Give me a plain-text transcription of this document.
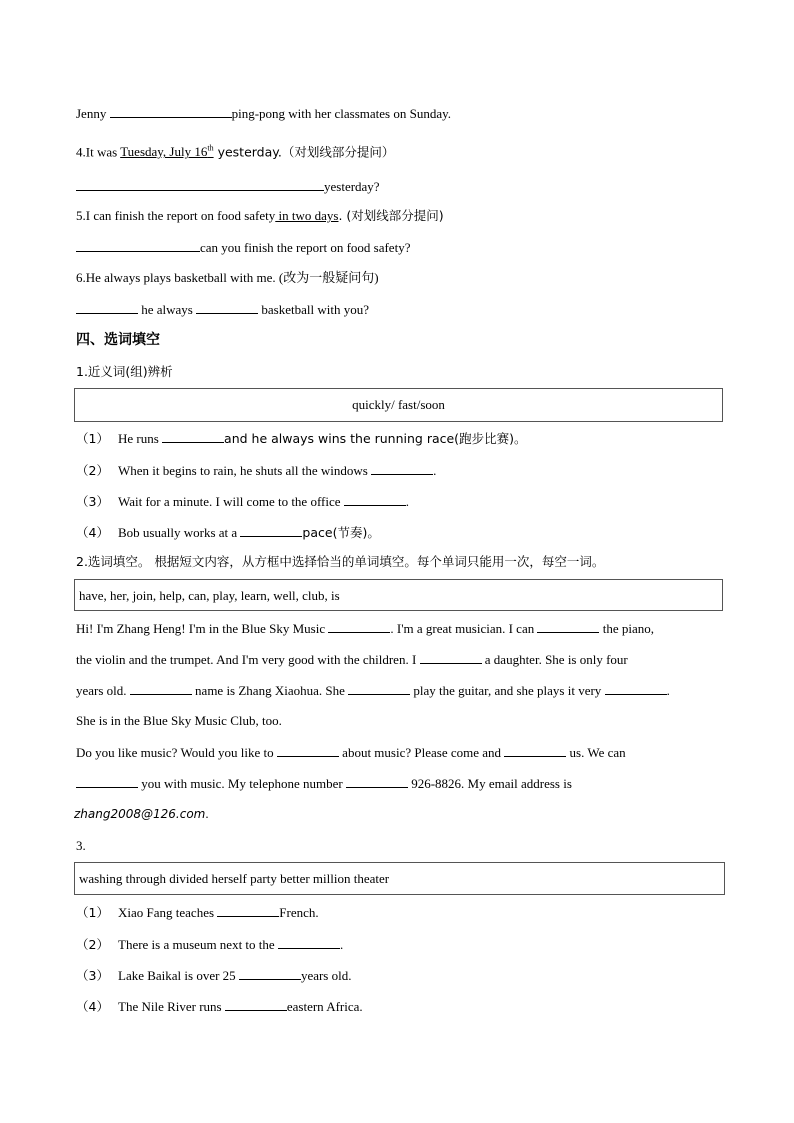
Jenny	ping-pong with her classmates on Sunday.
4.It was Tuesday, July 16th yesterday.（对划线部分提问）
yesterday?
5.I can finish the report on food safety in two days. (对划线部分提问)
can you finish the report on food safety?
6.He always plays basketball with me. (改为一般疑问句)
he always	basketball with you?
四、选词填空
1.近义词(组)辨析
quickly/ fast/soon
（1） He runs	and he always wins the running race(跑步比赛)。
（2） When it begins to rain, he shuts all the windows	.
（3） Wait for a minute. I will come to the office	.
（4） Bob usually works at a	pace(节奏)。
2.选词填空。 根据短文内容，从方框中选择恰当的单词填空。每个单词只能用一次，每空一词。
have, her, join, help, can, play, learn, well, club, is
Hi! I'm Zhang Heng! I'm in the Blue Sky Music	. I'm a great musician. I can	the piano,
the violin and the trumpet. And I'm very good with the children. I	a daughter. She is only four
years old.	name is Zhang Xiaohua. She	play the guitar, and she plays it very	.
She is in the Blue Sky Music Club, too.
Do you like music? Would you like to	about music? Please come and	us. We can
you with music. My telephone number	926-8826. My email address is
zhang2008@126.com.
3.
washing through divided herself party better million theater
（1） Xiao Fang teaches	French.
（2） There is a museum next to the	.
（3） Lake Baikal is over 25	years old.
（4） The Nile River runs	eastern Africa.
